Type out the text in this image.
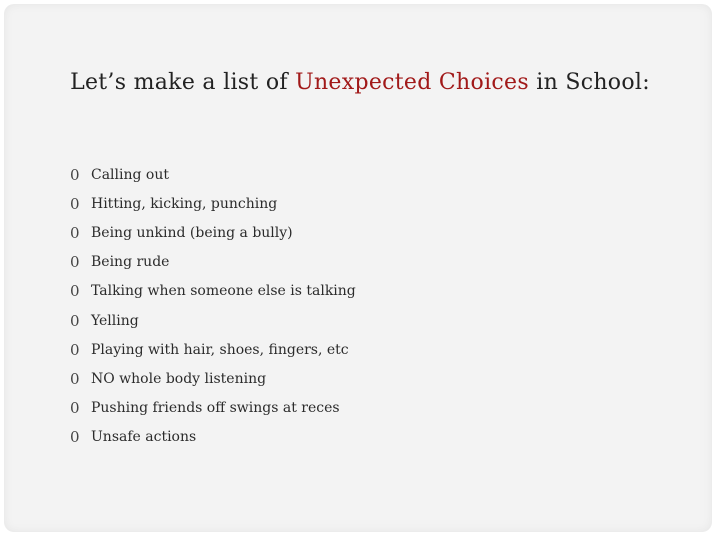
Let’s make a list of Unexpected Choices in School:
0 Calling out
0 Hitting, kicking, punching
0 Being unkind (being a bully)
0 Being rude
0 Talking when someone else is talking
0 Yelling
0 Playing with hair, shoes, fingers, etc
0 NO whole body listening
0 Pushing friends off swings at reces
0 Unsafe actions
